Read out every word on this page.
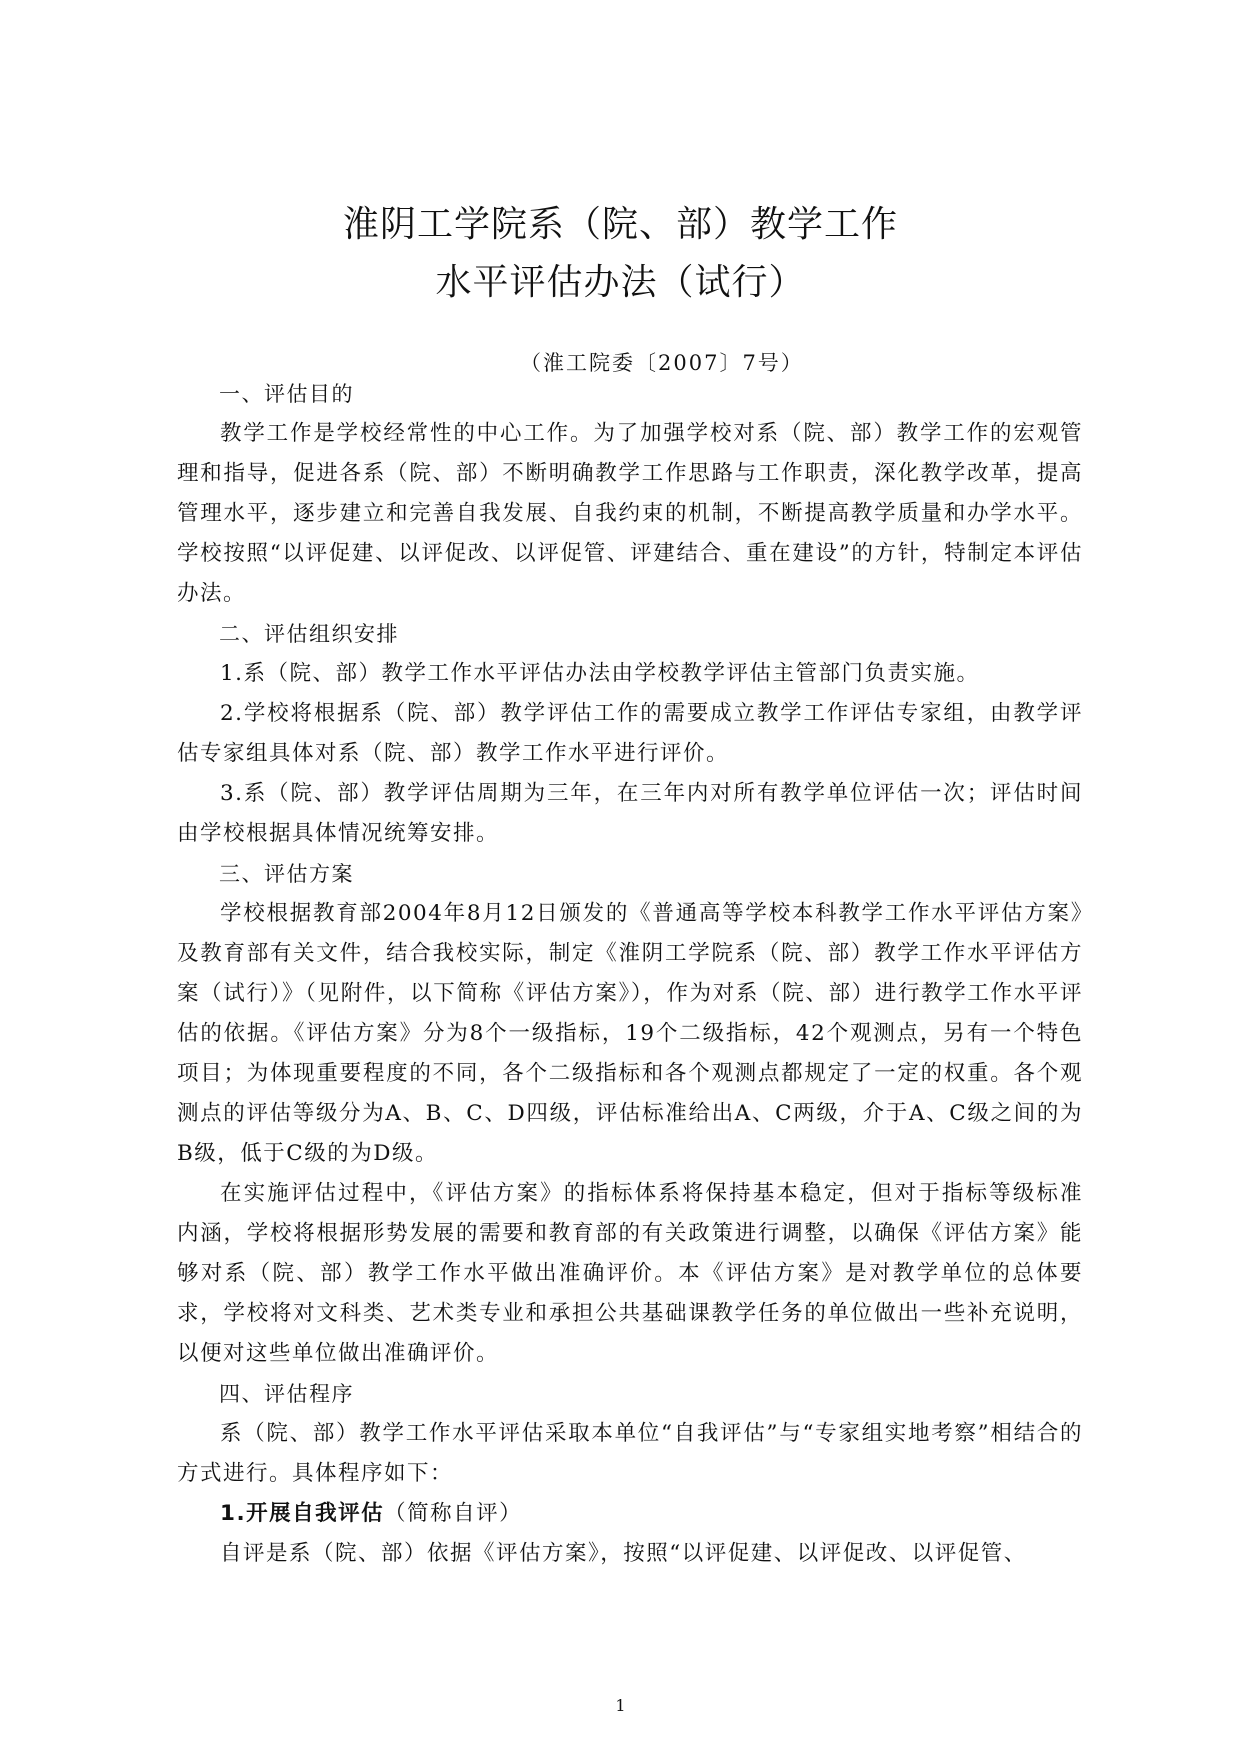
淮阴工学院系（院、部）教学工作
水平评估办法（试行）
（淮工院委〔2007〕7号）

一、评估目的

教学工作是学校经常性的中心工作。为了加强学校对系（院、部）教学工作的宏观管理和指导，促进各系（院、部）不断明确教学工作思路与工作职责，深化教学改革，提高管理水平，逐步建立和完善自我发展、自我约束的机制，不断提高教学质量和办学水平。学校按照“以评促建、以评促改、以评促管、评建结合、重在建设”的方针，特制定本评估办法。

二、评估组织安排

1.系（院、部）教学工作水平评估办法由学校教学评估主管部门负责实施。

2.学校将根据系（院、部）教学评估工作的需要成立教学工作评估专家组，由教学评估专家组具体对系（院、部）教学工作水平进行评价。

3.系（院、部）教学评估周期为三年，在三年内对所有教学单位评估一次；评估时间由学校根据具体情况统筹安排。

三、评估方案

学校根据教育部2004年8月12日颁发的《普通高等学校本科教学工作水平评估方案》及教育部有关文件，结合我校实际，制定《淮阴工学院系（院、部）教学工作水平评估方案（试行）》（见附件，以下简称《评估方案》），作为对系（院、部）进行教学工作水平评估的依据。《评估方案》分为8个一级指标，19个二级指标，42个观测点，另有一个特色项目；为体现重要程度的不同，各个二级指标和各个观测点都规定了一定的权重。各个观测点的评估等级分为A、B、C、D四级，评估标准给出A、C两级，介于A、C级之间的为B级，低于C级的为D级。

在实施评估过程中，《评估方案》的指标体系将保持基本稳定，但对于指标等级标准内涵，学校将根据形势发展的需要和教育部的有关政策进行调整，以确保《评估方案》能够对系（院、部）教学工作水平做出准确评价。本《评估方案》是对教学单位的总体要求，学校将对文科类、艺术类专业和承担公共基础课教学任务的单位做出一些补充说明，以便对这些单位做出准确评价。

四、评估程序

系（院、部）教学工作水平评估采取本单位“自我评估”与“专家组实地考察”相结合的方式进行。具体程序如下：

1.开展自我评估（简称自评）

自评是系（院、部）依据《评估方案》，按照“以评促建、以评促改、以评促管、

1
